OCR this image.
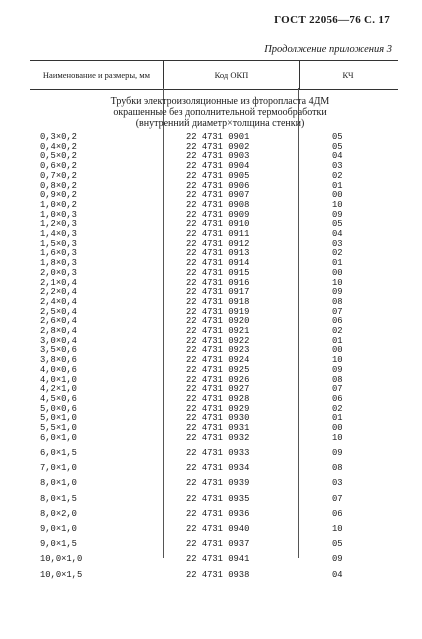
ГОСТ 22056—76 С. 17
Продолжение приложения 3
Наименование и размеры, мм	Код ОКП	КЧ
Трубки электроизоляционные из фторопласта 4ДМ
окрашенные без дополнительной термообработки
(внутренний диаметр×толщина стенки)
0,3×0,2	22 4731 0901	05
0,4×0,2	22 4731 0902	05
0,5×0,2	22 4731 0903	04
0,6×0,2	22 4731 0904	03
0,7×0,2	22 4731 0905	02
0,8×0,2	22 4731 0906	01
0,9×0,2	22 4731 0907	00
1,0×0,2	22 4731 0908	10
1,0×0,3	22 4731 0909	09
1,2×0,3	22 4731 0910	05
1,4×0,3	22 4731 0911	04
1,5×0,3	22 4731 0912	03
1,6×0,3	22 4731 0913	02
1,8×0,3	22 4731 0914	01
2,0×0,3	22 4731 0915	00
2,1×0,4	22 4731 0916	10
2,2×0,4	22 4731 0917	09
2,4×0,4	22 4731 0918	08
2,5×0,4	22 4731 0919	07
2,6×0,4	22 4731 0920	06
2,8×0,4	22 4731 0921	02
3,0×0,4	22 4731 0922	01
3,5×0,6	22 4731 0923	00
3,8×0,6	22 4731 0924	10
4,0×0,6	22 4731 0925	09
4,0×1,0	22 4731 0926	08
4,2×1,0	22 4731 0927	07
4,5×0,6	22 4731 0928	06
5,0×0,6	22 4731 0929	02
5,0×1,0	22 4731 0930	01
5,5×1,0	22 4731 0931	00
6,0×1,0	22 4731 0932	10
6,0×1,5	22 4731 0933	09
7,0×1,0	22 4731 0934	08
8,0×1,0	22 4731 0939	03
8,0×1,5	22 4731 0935	07
8,0×2,0	22 4731 0936	06
9,0×1,0	22 4731 0940	10
9,0×1,5	22 4731 0937	05
10,0×1,0	22 4731 0941	09
10,0×1,5	22 4731 0938	04
